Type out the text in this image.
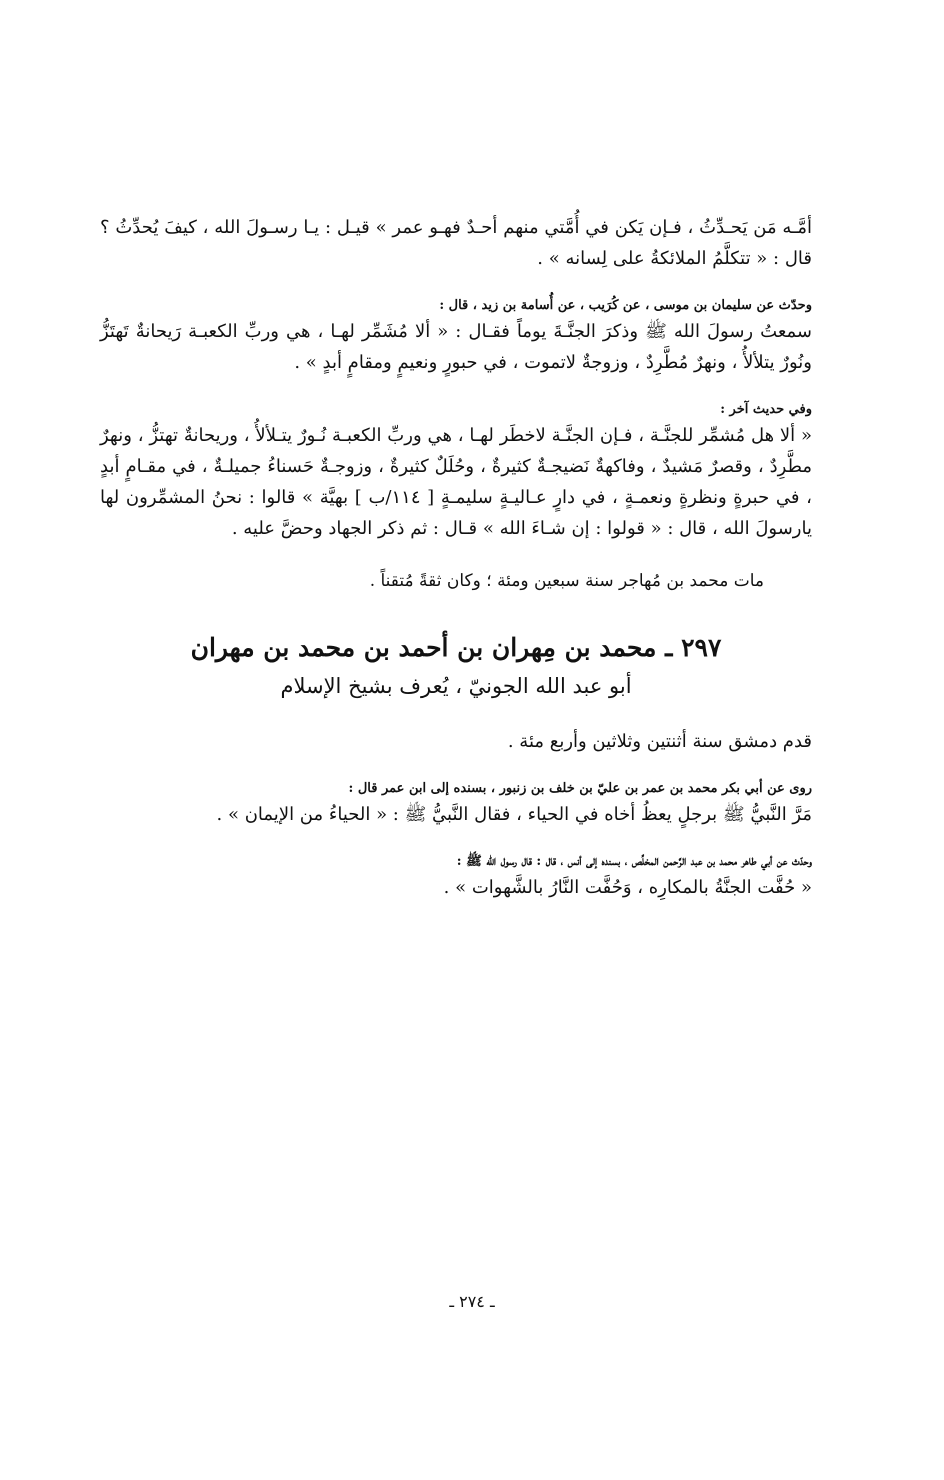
أمَّـه مَن يَحـدِّثُ ، فـإن يَكن في أُمَّتي منهم أحـدٌ فهـو عمر » قيـل : يـا رسـولَ الله ، كيفَ يُحدِّثُ ؟ قال : « تتكلَّمُ الملائكةُ على لِسانه » .

وحدّث عن سليمان بن موسى ، عن كُرَيب ، عن أُسامة بن زيد ، قال :

سمعتُ رسولَ الله ﷺ وذكرَ الجنَّـةَ يوماً فقـال : « ألا مُشَمِّر لهـا ، هي وربِّ الكعبـة رَيحانةٌ تَهتَزُّ ونُورٌ يتلألأُ ، ونهرٌ مُطَّرِدٌ ، وزوجةٌ لاتموت ، في حبورٍ ونعيمٍ ومقامٍ أبدٍ » .

وفي حديث آخر :

« ألا هل مُشمِّر للجنَّـة ، فـإن الجنَّـة لاخطَر لهـا ، هي وربِّ الكعبـة نُـورٌ يتـلألأُ ، وريحانةٌ تهتزُّ ، ونهرٌ مطَّرِدٌ ، وقصرٌ مَشيدٌ ، وفاكهةٌ نَضيجـةٌ كثيرةٌ ، وحُلَلٌ كثيرةٌ ، وزوجـةٌ حَسناءُ جميلـةٌ ، في مقـامٍ أبدٍ ، في حبرةٍ ونظرةٍ ونعمـةٍ ، في دارٍ عـاليـةٍ سليمـةٍ [ ١١٤/ب ] بهيَّة » قالوا : نحنُ المشمِّرون لها يارسولَ الله ، قال : « قولوا : إن شـاءَ الله » قـال : ثم ذكر الجهاد وحضَّ عليه .

مات محمد بن مُهاجر سنة سبعين ومئة ؛ وكان ثقةً مُتقناً .

٢٩٧ ـ محمد بن مِهران بن أحمد بن محمد بن مهران

أبو عبد الله الجونيّ ، يُعرف بشيخ الإسلام

قدم دمشق سنة أثنتين وثلاثين وأربع مئة .

روى عن أبي بكر محمد بن عمر بن عليّ بن خلف بن زنبور ، بسنده إلى ابن عمر قال :

مَرَّ النَّبيُّ ﷺ برجلٍ يعظُ أخاه في الحياء ، فقال النَّبيُّ ﷺ : « الحياءُ من الإيمان » .

وحدّث عن أبي طاهر محمد بن عبد الرَّحمن المخلِّص ، بسنده إلى أنس ، قال : قال رسول الله ﷺ :

« حُفَّت الجنَّةُ بالمكارِه ، وَحُفَّت النَّارُ بالشَّهوات » .

ـ ٢٧٤ ـ
